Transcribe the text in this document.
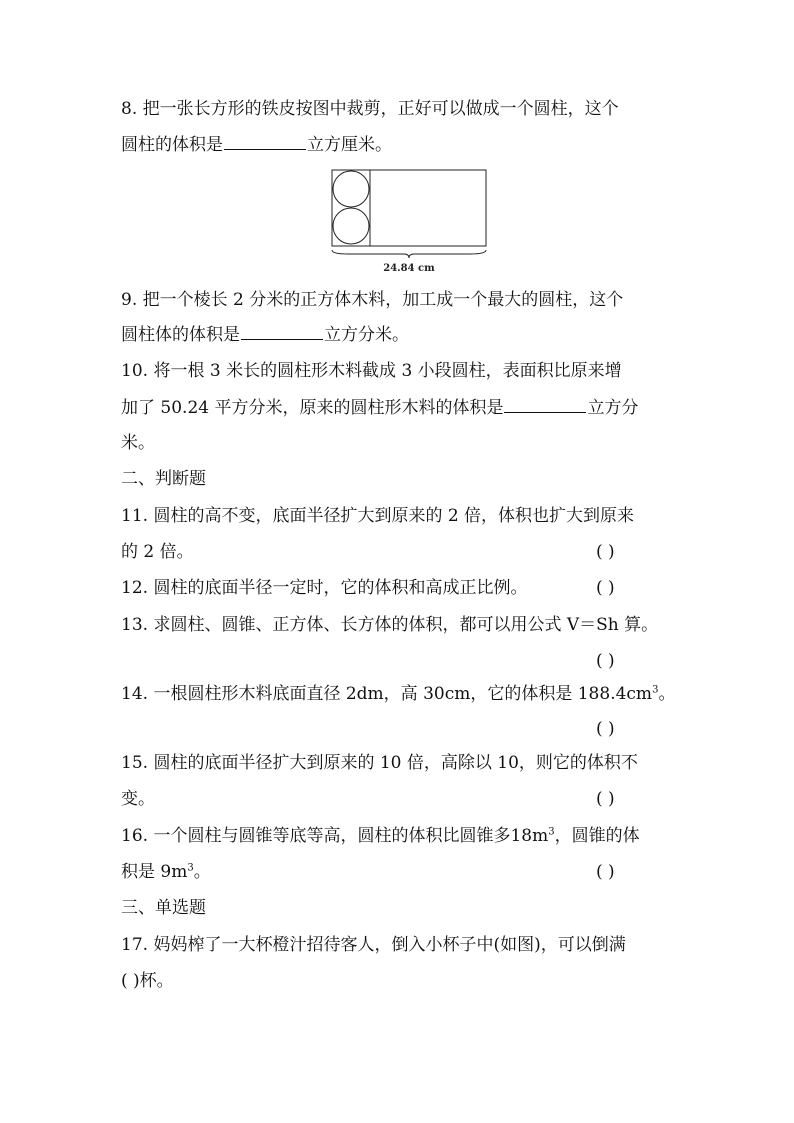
8. 把一张长方形的铁皮按图中裁剪，正好可以做成一个圆柱，这个
圆柱的体积是	立方厘米。
24.84 cm
9. 把一个棱长 2 分米的正方体木料，加工成一个最大的圆柱，这个
圆柱体的体积是	立方分米。
10. 将一根 3 米长的圆柱形木料截成 3 小段圆柱，表面积比原来增
加了 50.24 平方分米，原来的圆柱形木料的体积是	立方分
米。
二、判断题
11. 圆柱的高不变，底面半径扩大到原来的 2 倍，体积也扩大到原来
的 2 倍。	( )
12. 圆柱的底面半径一定时，它的体积和高成正比例。	( )
13. 求圆柱、圆锥、正方体、长方体的体积，都可以用公式 V＝Sh 算。
( )
14. 一根圆柱形木料底面直径 2dm，高 30cm，它的体积是 $188.4cm^3$。
( )
15. 圆柱的底面半径扩大到原来的 10 倍，高除以 10，则它的体积不
变。	( )
16. 一个圆柱与圆锥等底等高，圆柱的体积比圆锥多$18m^3$，圆锥的体
积是 $9m^3$。	( )
三、单选题
17. 妈妈榨了一大杯橙汁招待客人，倒入小杯子中(如图)，可以倒满
( )杯。
